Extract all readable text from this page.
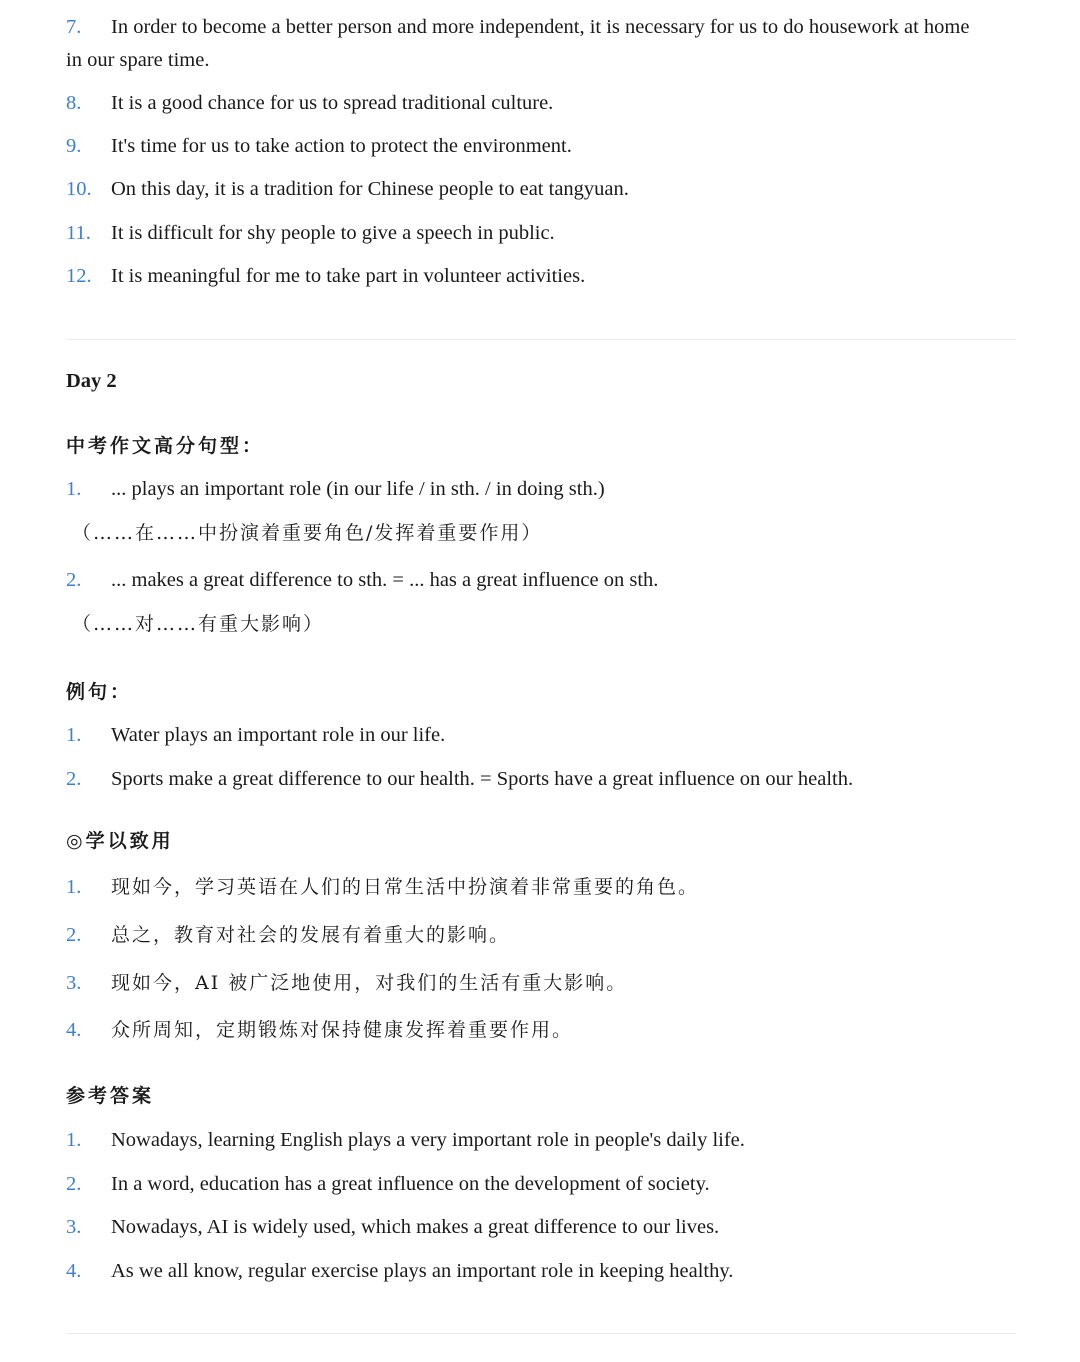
7.	In order to become a better person and more independent, it is necessary for us to do housework at home in our spare time.
8.	It is a good chance for us to spread traditional culture.
9.	It's time for us to take action to protect the environment.
10. On this day, it is a tradition for Chinese people to eat tangyuan.
11. It is difficult for shy people to give a speech in public.
12. It is meaningful for me to take part in volunteer activities.
Day 2
中考作文高分句型：
1.	... plays an important role (in our life / in sth. / in doing sth.)
（……在……中扮演着重要角色/发挥着重要作用）
2.	... makes a great difference to sth. = ... has a great influence on sth.
（……对……有重大影响）
例句：
1.	Water plays an important role in our life.
2.	Sports make a great difference to our health. = Sports have a great influence on our health.
◎学以致用
1.	现如今，学习英语在人们的日常生活中扮演着非常重要的角色。
2.	总之，教育对社会的发展有着重大的影响。
3.	现如今，AI 被广泛地使用，对我们的生活有重大影响。
4.	众所周知，定期锻炼对保持健康发挥着重要作用。
参考答案
1.	Nowadays, learning English plays a very important role in people's daily life.
2.	In a word, education has a great influence on the development of society.
3.	Nowadays, AI is widely used, which makes a great difference to our lives.
4.	As we all know, regular exercise plays an important role in keeping healthy.
